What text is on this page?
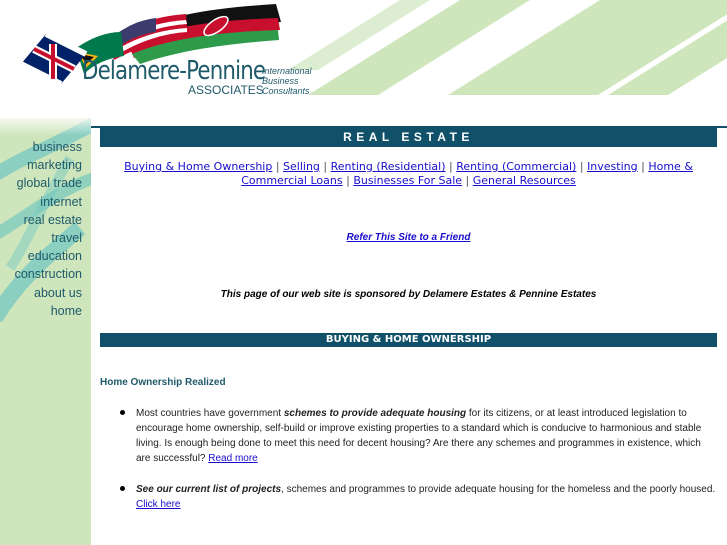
Delamere-Pennine
ASSOCIATES
International
Business
Consultants
business
marketing
global trade
internet
real estate
travel
education
construction
about us
home
REAL ESTATE
Buying & Home Ownership | Selling | Renting (Residential) | Renting (Commercial) | Investing | Home & Commercial Loans | Businesses For Sale | General Resources
Refer This Site to a Friend
This page of our web site is sponsored by Delamere Estates & Pennine Estates
BUYING & HOME OWNERSHIP
Home Ownership Realized
Most countries have government schemes to provide adequate housing for its citizens, or at least introduced legislation to encourage home ownership, self-build or improve existing properties to a standard which is conducive to harmonious and stable living. Is enough being done to meet this need for decent housing? Are there any schemes and programmes in existence, which are successful? Read more
See our current list of projects, schemes and programmes to provide adequate housing for the homeless and the poorly housed.
Click here
